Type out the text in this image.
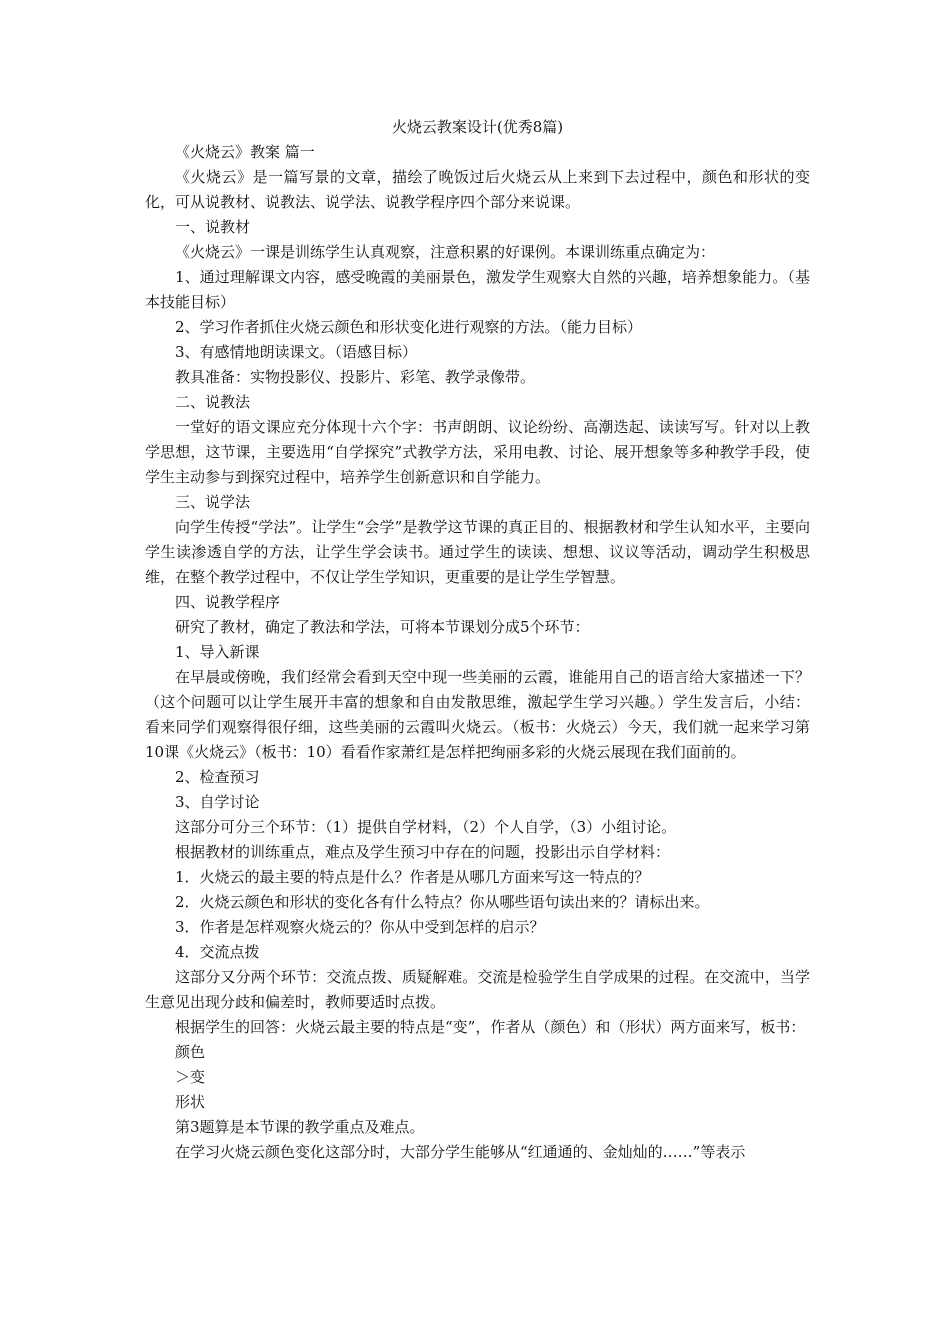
火烧云教案设计(优秀8篇)

《火烧云》教案 篇一

《火烧云》是一篇写景的文章，描绘了晚饭过后火烧云从上来到下去过程中，颜色和形状的变化，可从说教材、说教法、说学法、说教学程序四个部分来说课。

一、说教材

《火烧云》一课是训练学生认真观察，注意积累的好课例。本课训练重点确定为：

1、通过理解课文内容，感受晚霞的美丽景色，激发学生观察大自然的兴趣，培养想象能力。（基本技能目标）

2、学习作者抓住火烧云颜色和形状变化进行观察的方法。（能力目标）

3、有感情地朗读课文。（语感目标）

教具准备：实物投影仪、投影片、彩笔、教学录像带。

二、说教法

一堂好的语文课应充分体现十六个字：书声朗朗、议论纷纷、高潮迭起、读读写写。针对以上教学思想，这节课，主要选用“自学探究”式教学方法，采用电教、讨论、展开想象等多种教学手段，使学生主动参与到探究过程中，培养学生创新意识和自学能力。

三、说学法

向学生传授“学法”。让学生“会学”是教学这节课的真正目的、根据教材和学生认知水平，主要向学生读渗透自学的方法，让学生学会读书。通过学生的读读、想想、议议等活动，调动学生积极思维，在整个教学过程中，不仅让学生学知识，更重要的是让学生学智慧。

四、说教学程序

研究了教材，确定了教法和学法，可将本节课划分成5个环节：

1、导入新课

在早晨或傍晚，我们经常会看到天空中现一些美丽的云霞，谁能用自己的语言给大家描述一下？（这个问题可以让学生展开丰富的想象和自由发散思维，激起学生学习兴趣。）学生发言后，小结：看来同学们观察得很仔细，这些美丽的云霞叫火烧云。（板书：火烧云）今天，我们就一起来学习第10课《火烧云》（板书：10）看看作家萧红是怎样把绚丽多彩的火烧云展现在我们面前的。

2、检查预习

3、自学讨论

这部分可分三个环节：（1）提供自学材料，（2）个人自学，（3）小组讨论。

根据教材的训练重点，难点及学生预习中存在的问题，投影出示自学材料：

1．火烧云的最主要的特点是什么？作者是从哪几方面来写这一特点的？

2．火烧云颜色和形状的变化各有什么特点？你从哪些语句读出来的？请标出来。

3．作者是怎样观察火烧云的？你从中受到怎样的启示？

4．交流点拨

这部分又分两个环节：交流点拨、质疑解难。交流是检验学生自学成果的过程。在交流中，当学生意见出现分歧和偏差时，教师要适时点拨。

根据学生的回答：火烧云最主要的特点是“变”，作者从（颜色）和（形状）两方面来写，板书：

颜色

＞变

形状

第3题算是本节课的教学重点及难点。

在学习火烧云颜色变化这部分时，大部分学生能够从“红通通的、金灿灿的……”等表示
